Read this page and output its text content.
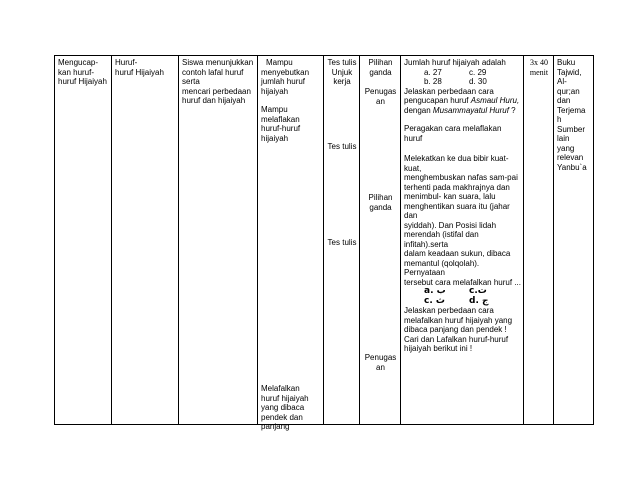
Mengucap-
kan huruf-
huruf Hijaiyah

Huruf-
huruf Hijaiyah

Siswa menunjukkan
contoh lafal huruf serta
mencari perbedaan
huruf dan hijaiyah

Mampu
menyebutkan
jumlah huruf
hijaiyah
Mampu
melaflakan
huruf-huruf
hijaiyah
Melafalkan
huruf hijaiyah
yang dibaca
pendek dan
panjang

Tes tulis
Unjuk
kerja
Tes tulis
Tes tulis

Pilihan
ganda
Penugas
an
Pilihan
ganda
Penugas
an

Jumlah huruf hijaiyah adalah
a. 27	c. 29
b. 28	d. 30
Jelaskan perbedaan cara
pengucapan huruf Asmaul Huru,
dengan Musammayatul Huruf ?
Peragakan cara melaflakan huruf
Melekatkan ke dua bibir kuat-kuat,
menghembuskan nafas sam-pai
terhenti pada makhrajnya dan
menimbul- kan suara, lalu
menghentikan suara itu (jahar dan
syiddah). Dan Posisi lidah
merendah (istifal dan infitah).serta
dalam keadaan sukun, dibaca
memantul (qolqolah). Pernyataan
tersebut cara melafalkan huruf ...
a. ب	c.ت
c. ث	d. ج
Jelaskan perbedaan cara
melafalkan huruf hijaiyah yang
dibaca panjang dan pendek !
Cari dan Lafalkan huruf-huruf
hijaiyah berikut ini !

3x 40
menit

Buku
Tajwid,
Al-
qur;an
dan
Terjema
h
Sumber
lain
yang
relevan
Yanbu`a
